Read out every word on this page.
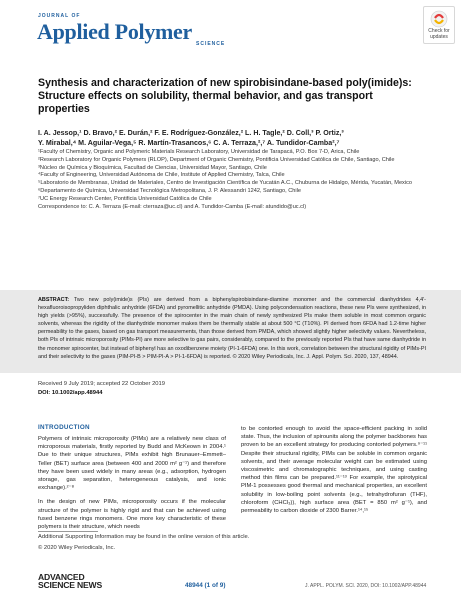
JOURNAL OF
Applied Polymer SCIENCE
Check for
updates
Synthesis and characterization of new spirobisindane-based poly(imide)s: Structure effects on solubility, thermal behavior, and gas transport properties
I. A. Jessop,¹ D. Bravo,² E. Durán,² F. E. Rodríguez-González,² L. H. Tagle,² D. Coll,³ P. Ortiz,³
Y. Mirabal,⁴ M. Aguilar-Vega,⁵ R. Martín-Trasancos,⁶ C. A. Terraza,²,⁷ A. Tundidor-Camba²,⁷

¹Faculty of Chemistry, Organic and Polymeric Materials Research Laboratory, Universidad de Tarapacá, P.O. Box 7-D, Arica, Chile

²Research Laboratory for Organic Polymers (RLOP), Department of Organic Chemistry, Pontificia Universidad Católica de Chile, Santiago, Chile

³Núcleo de Química y Bioquímica, Facultad de Ciencias, Universidad Mayor, Santiago, Chile

⁴Faculty of Engineering, Universidad Autónoma de Chile, Institute of Applied Chemistry, Talca, Chile

⁵Laboratorio de Membranas, Unidad de Materiales, Centro de Investigación Científica de Yucatán A.C., Chuburna de Hidalgo, Mérida, Yucatán, Mexico

⁶Departamento de Química, Universidad Tecnológica Metropolitana, J. P. Alessandri 1242, Santiago, Chile

⁷UC Energy Research Center, Pontificia Universidad Católica de Chile

Correspondence to: C. A. Terraza (E-mail: cterraza@uc.cl) and A. Tundidor-Camba (E-mail: atundido@uc.cl)

ABSTRACT: Two new poly(imide)s (PIs) are derived from a biphenylspirobisindane-diamine monomer and the commercial dianhydrides 4,4′-hexafluoroisopropyliden diphthalic anhydride (6FDA) and pyromellitic anhydride (PMDA). Using polycondensation reactions, these new PIs were synthesized, in high yields (>95%), successfully. The presence of the spirocenter in the main chain of newly synthesized PIs make them soluble in most common organic solvents, whereas the rigidity of the dianhydride monomer makes them be thermally stable at about 500 °C (T10%). PI derived from 6FDA had 1.2-time higher permeability to the gases, based on gas transport measurements, than those derived from PMDA, which showed slightly higher selectivity values. Nevertheless, both PIs of intrinsic microporosity (PIMs-PI) are more selective to gas pairs, considerably, compared to the previously reported PIs that have same dianhydride in the monomer spirocenter, but instead of biphenyl has an oxodibenzene moiety (PI-1-6FDA) one. In this work, correlation between the structural rigidity of PIMs-PI and their selectivity to the gases (PIM-PI-B > PIM-PI-A > PI-1-6FDA) is reported. © 2020 Wiley Periodicals, Inc. J. Appl. Polym. Sci. 2020, 137, 48944.
Received 9 July 2019; accepted 22 October 2019
DOI: 10.1002/app.48944
INTRODUCTION

Polymers of intrinsic microporosity (PIMs) are a relatively new class of microporous materials, firstly reported by Budd and McKeown in 2004.¹ Due to their unique structures, PIMs exhibit high Brunauer–Emmett–Teller (BET) surface area (between 400 and 2000 m² g⁻¹) and therefore they have been used widely in many areas (e.g., adsorption, hydrogen storage, gas separation, heterogeneous catalysis, and ionic exchange).²⁻⁸

In the design of new PIMs, microporosity occurs if the molecular structure of the polymer is highly rigid and that can be achieved using fused benzene rings monomers. One more key characteristic of these polymers is their structure, which needs

to be contorted enough to avoid the space-efficient packing in solid state. Thus, the inclusion of spirounits along the polymer backbones has proven to be an excellent strategy for producing contorted polymers.⁹⁻¹¹ Despite their structural rigidity, PIMs can be soluble in common organic solvents, and their average molecular weight can be estimated using viscosimetric and chromatographic techniques, and using casting method thin films can be prepared.¹¹⁻¹³ For example, the spirotypical PIM-1 possesses good thermal and mechanical properties, an excellent solubility in low-boiling point solvents (e.g., tetrahydrofuran (THF), chloroform (CHCl₃)), high surface area (BET = 850 m² g⁻¹), and permeability to carbon dioxide of 2300 Barrer.¹⁴,¹⁵

Additional Supporting Information may be found in the online version of this article.
© 2020 Wiley Periodicals, Inc.
ADVANCED
SCIENCE NEWS	48944 (1 of 9)	J. APPL. POLYM. SCI. 2020, DOI: 10.1002/APP.48944
